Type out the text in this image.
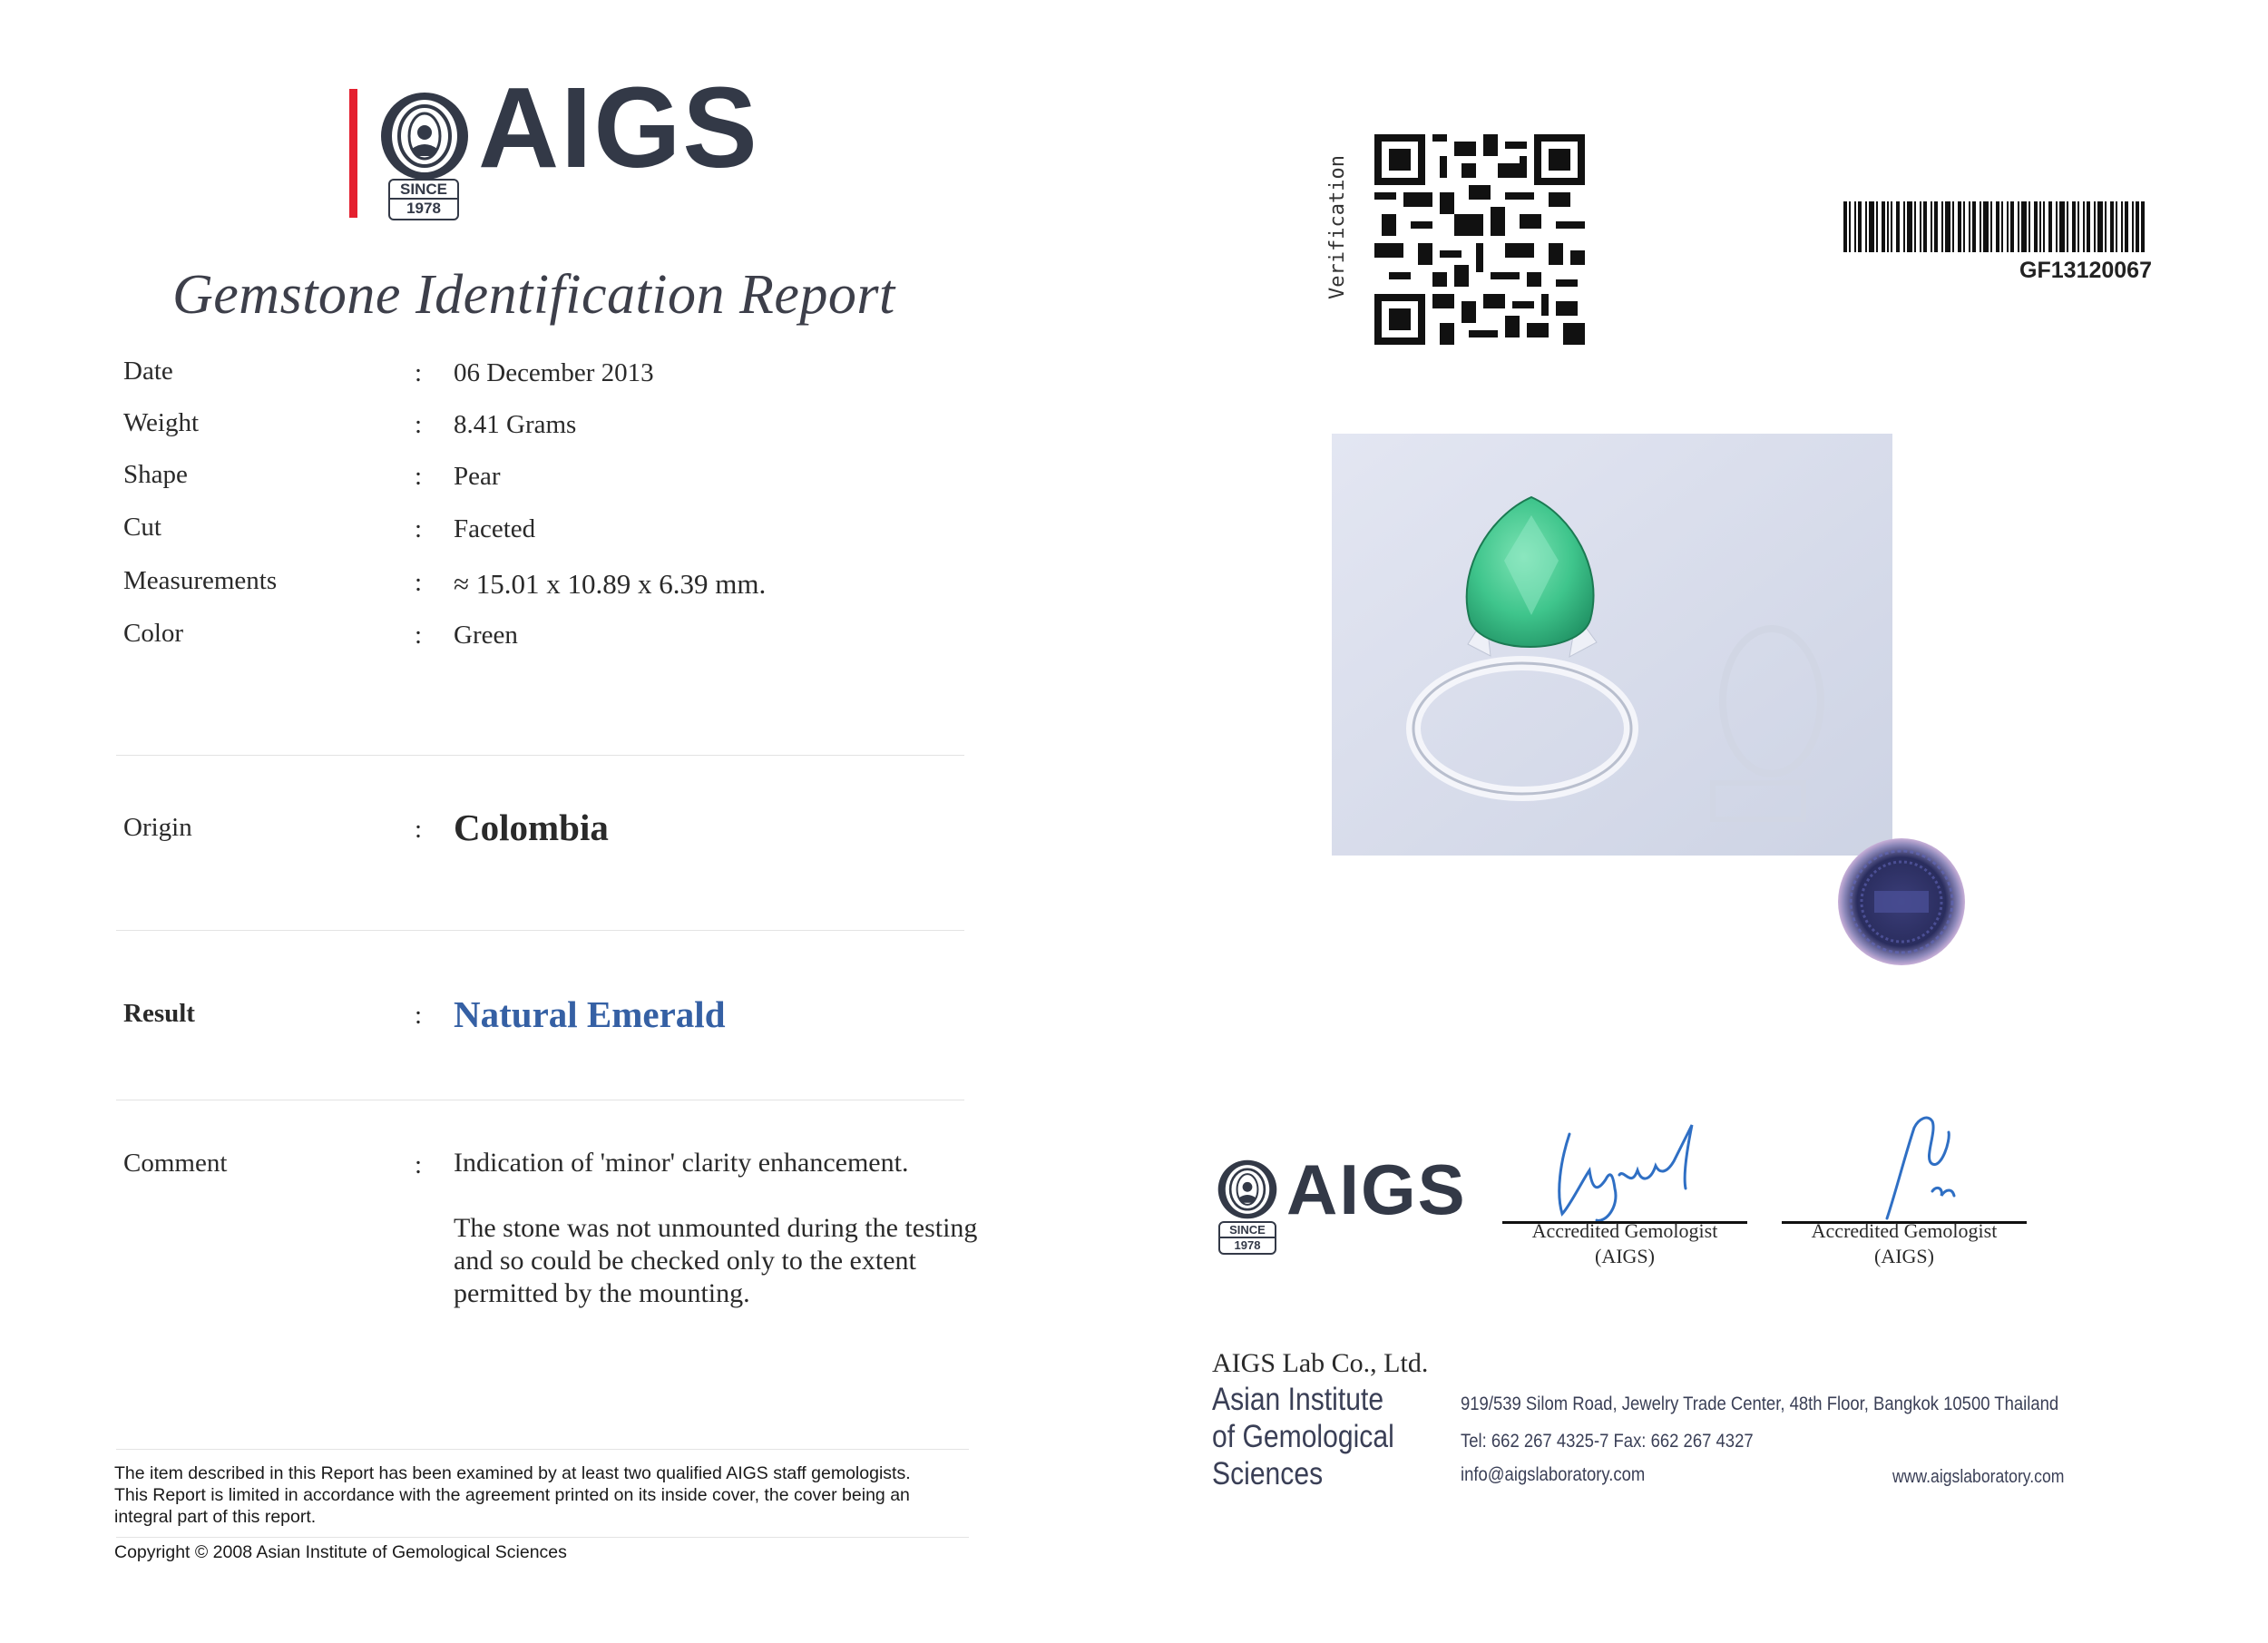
AIGS
SINCE
1978
Gemstone Identification Report
Date	: 06 December 2013
Weight	: 8.41 Grams
Shape	: Pear
Cut	: Faceted
Measurements	: ≈ 15.01 x 10.89 x 6.39 mm.
Color	: Green
Origin	: Colombia
Result	: Natural Emerald
Comment	: Indication of 'minor' clarity enhancement.

The stone was not unmounted during the testing and so could be checked only to the extent permitted by the mounting.

The item described in this Report has been examined by at least two qualified AIGS staff gemologists. This Report is limited in accordance with the agreement printed on its inside cover, the cover being an integral part of this report.
Copyright © 2008 Asian Institute of Gemological Sciences
Verification	GF13120067
AIGS
SINCE
1978
Accredited Gemologist
(AIGS)
Accredited Gemologist
(AIGS)
AIGS Lab Co., Ltd.
Asian Institute
of Gemological
Sciences
919/539 Silom Road, Jewelry Trade Center, 48th Floor, Bangkok 10500 Thailand
Tel: 662 267 4325-7 Fax: 662 267 4327
info@aigslaboratory.com	www.aigslaboratory.com
